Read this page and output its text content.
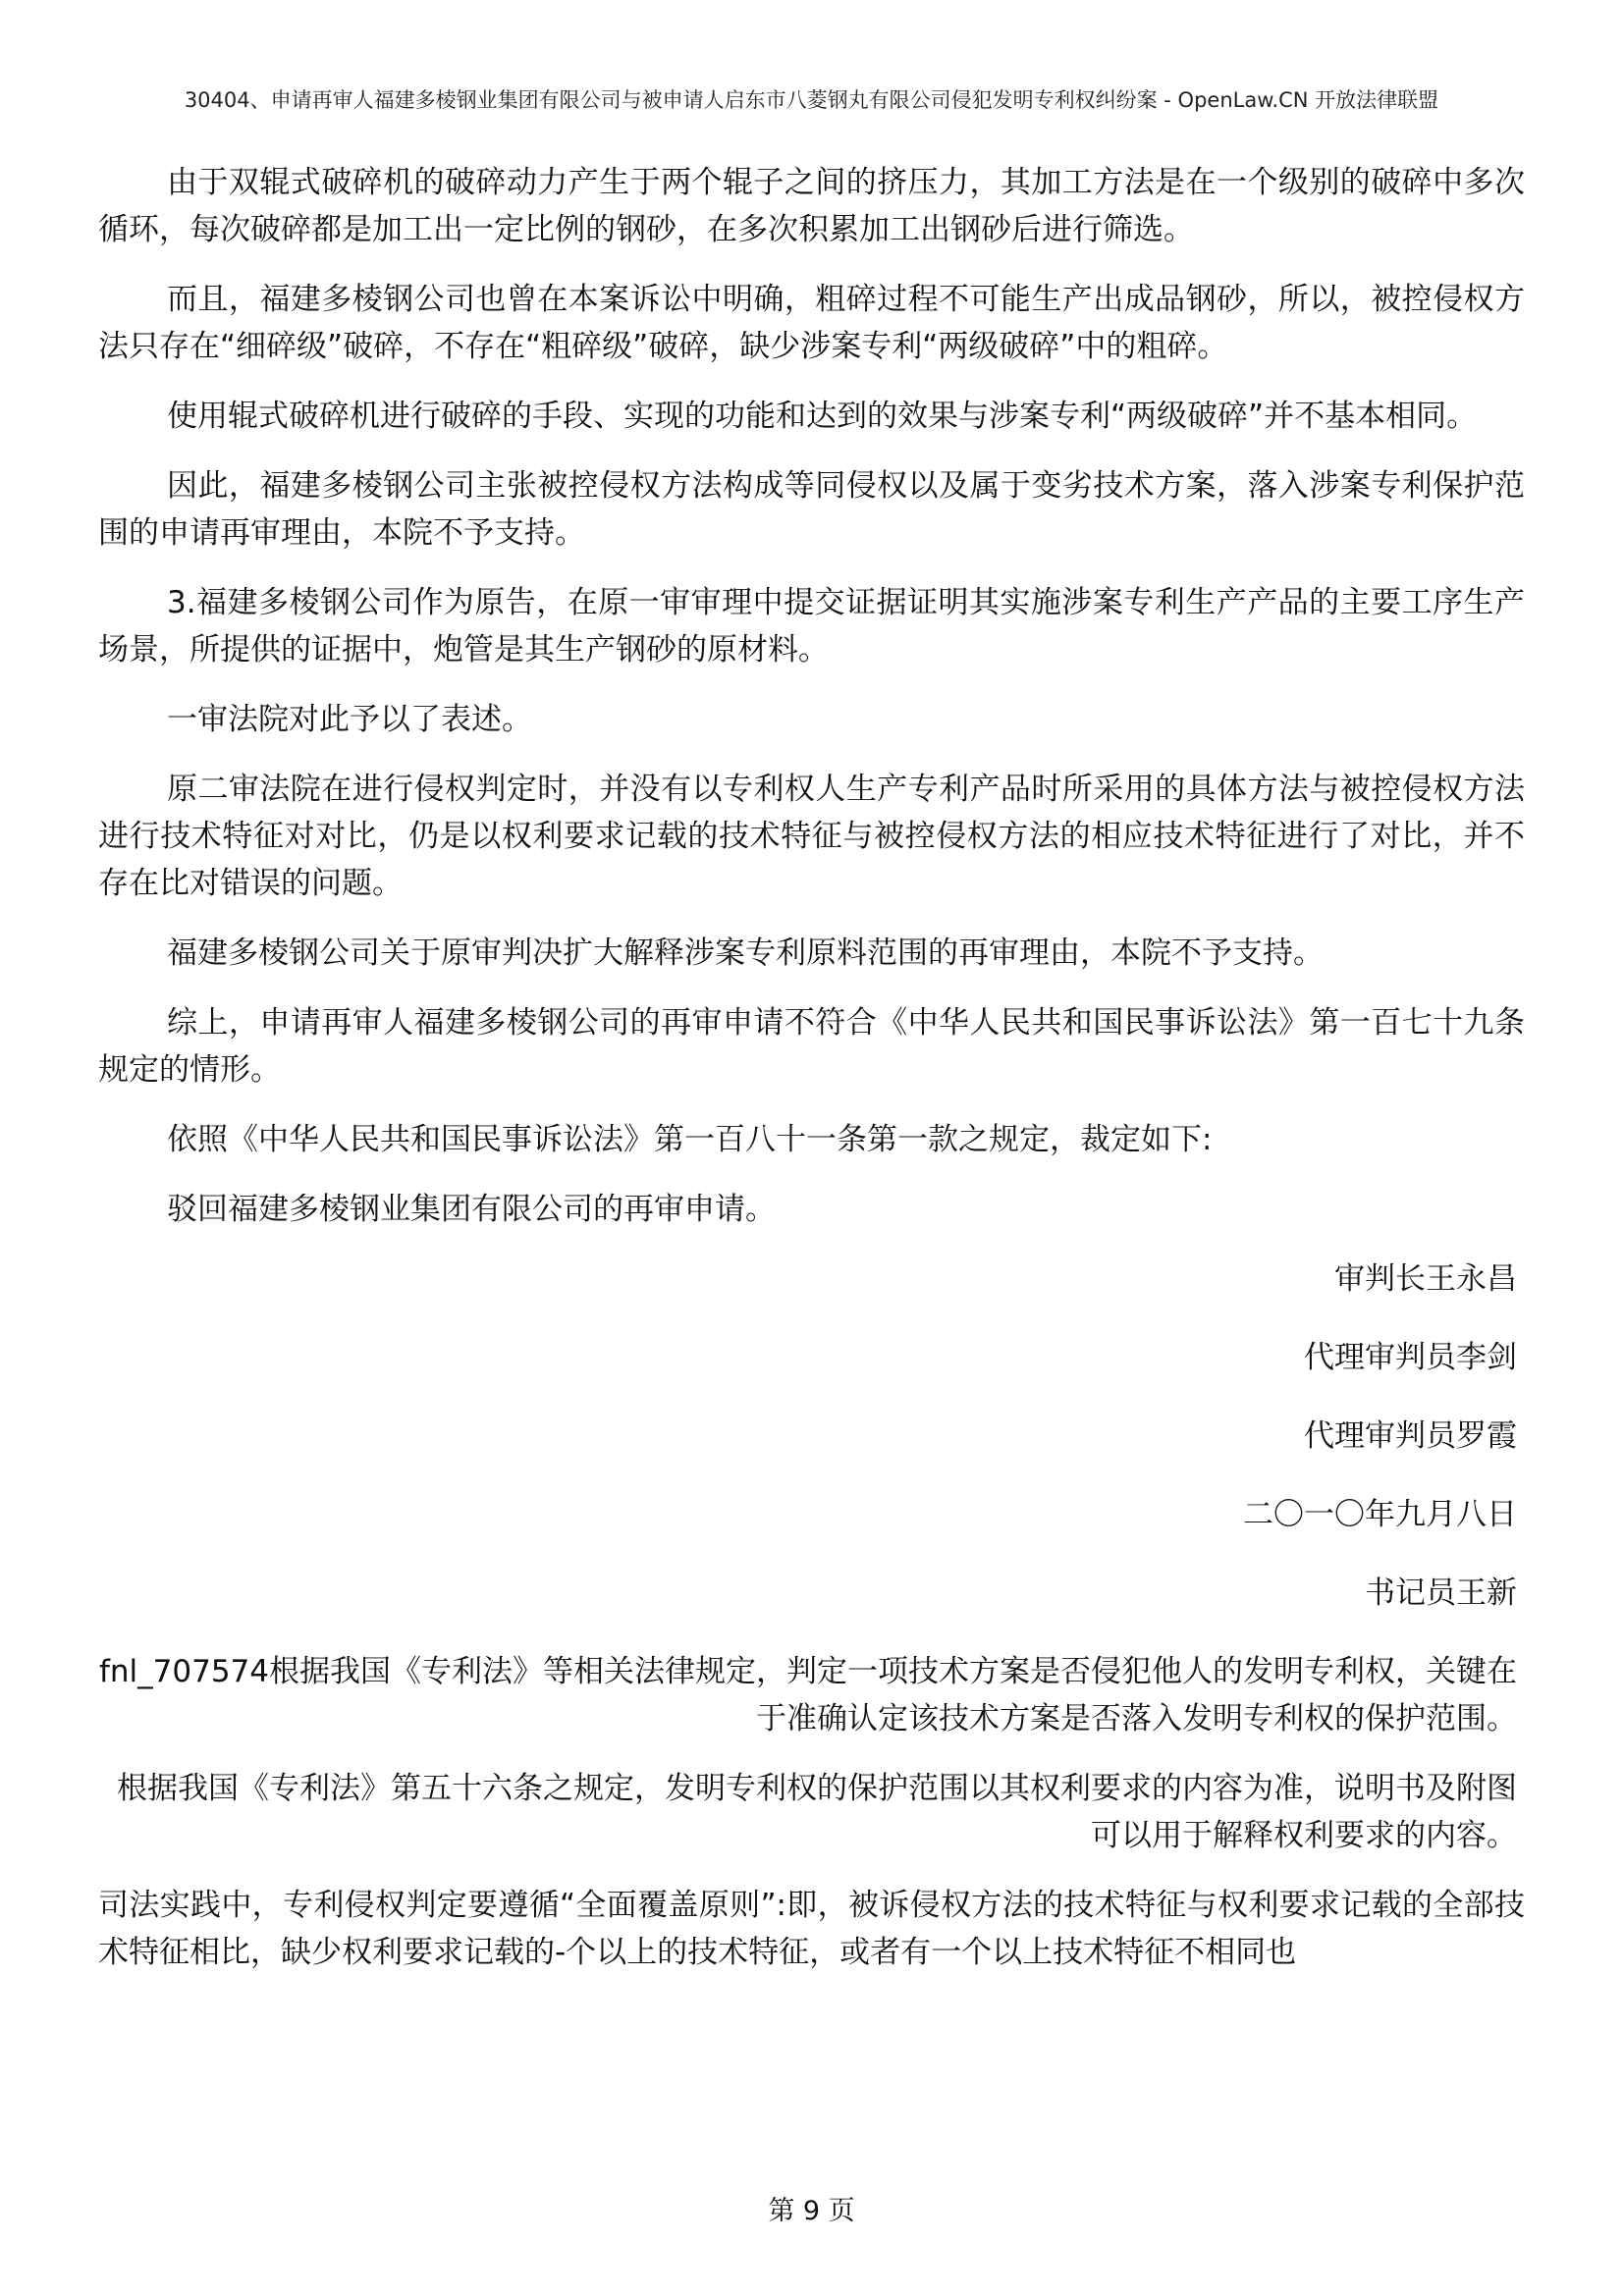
30404、申请再审人福建多棱钢业集团有限公司与被申请人启东市八菱钢丸有限公司侵犯发明专利权纠纷案 - OpenLaw.CN 开放法律联盟

由于双辊式破碎机的破碎动力产生于两个辊子之间的挤压力，其加工方法是在一个级别的破碎中多次循环，每次破碎都是加工出一定比例的钢砂，在多次积累加工出钢砂后进行筛选。

而且，福建多棱钢公司也曾在本案诉讼中明确，粗碎过程不可能生产出成品钢砂，所以，被控侵权方法只存在“细碎级”破碎，不存在“粗碎级”破碎，缺少涉案专利“两级破碎”中的粗碎。

使用辊式破碎机进行破碎的手段、实现的功能和达到的效果与涉案专利“两级破碎”并不基本相同。

因此，福建多棱钢公司主张被控侵权方法构成等同侵权以及属于变劣技术方案，落入涉案专利保护范围的申请再审理由，本院不予支持。

3.福建多棱钢公司作为原告，在原一审审理中提交证据证明其实施涉案专利生产产品的主要工序生产场景，所提供的证据中，炮管是其生产钢砂的原材料。

一审法院对此予以了表述。

原二审法院在进行侵权判定时，并没有以专利权人生产专利产品时所采用的具体方法与被控侵权方法进行技术特征对对比，仍是以权利要求记载的技术特征与被控侵权方法的相应技术特征进行了对比，并不存在比对错误的问题。

福建多棱钢公司关于原审判决扩大解释涉案专利原料范围的再审理由，本院不予支持。

综上，申请再审人福建多棱钢公司的再审申请不符合《中华人民共和国民事诉讼法》第一百七十九条规定的情形。

依照《中华人民共和国民事诉讼法》第一百八十一条第一款之规定，裁定如下:

驳回福建多棱钢业集团有限公司的再审申请。

审判长王永昌
代理审判员李剑
代理审判员罗霞
二〇一〇年九月八日
书记员王新

fnl_707574根据我国《专利法》等相关法律规定，判定一项技术方案是否侵犯他人的发明专利权，关键在于准确认定该技术方案是否落入发明专利权的保护范围。

根据我国《专利法》第五十六条之规定，发明专利权的保护范围以其权利要求的内容为准，说明书及附图可以用于解释权利要求的内容。

司法实践中，专利侵权判定要遵循“全面覆盖原则”:即，被诉侵权方法的技术特征与权利要求记载的全部技术特征相比，缺少权利要求记载的-个以上的技术特征，或者有一个以上技术特征不相同也

第 9 页
